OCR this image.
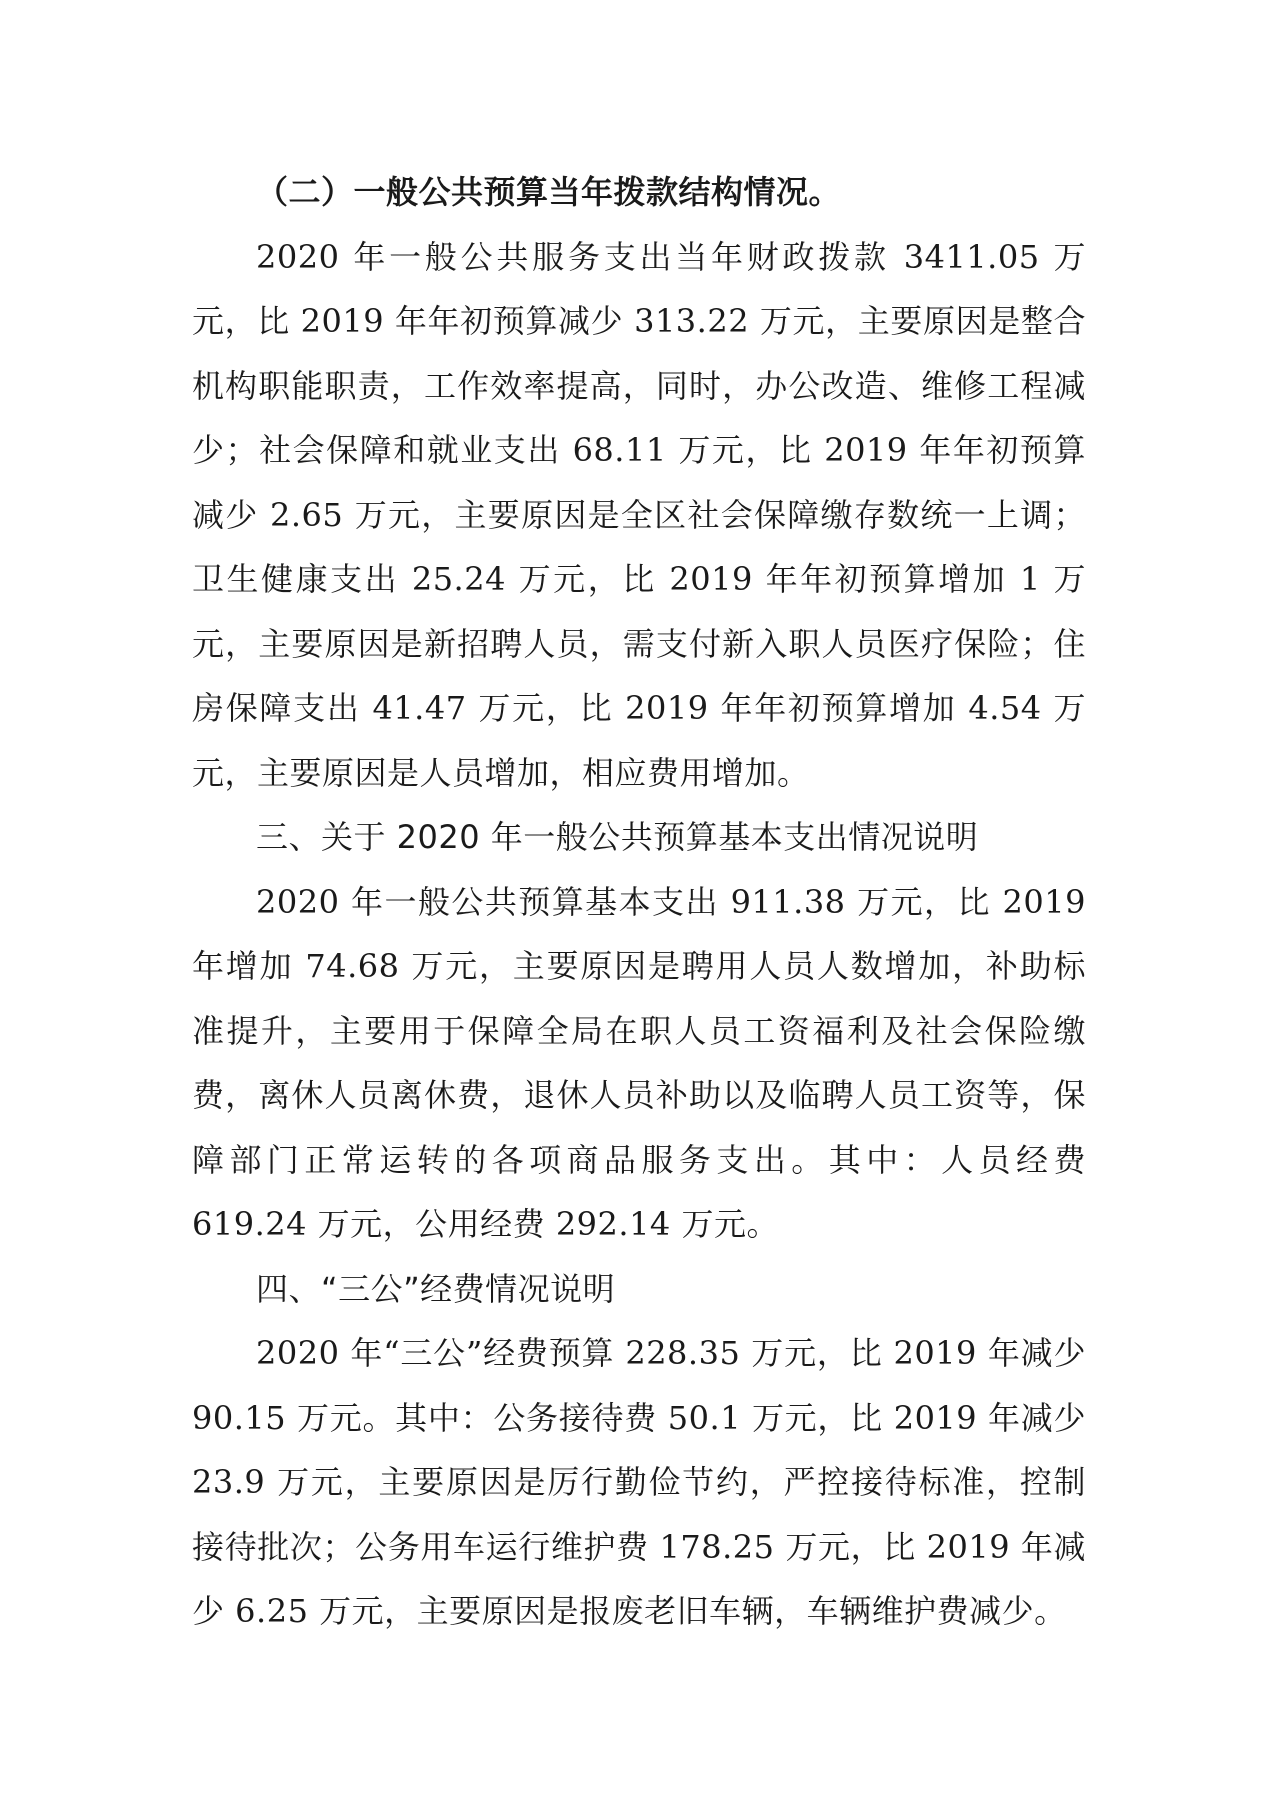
（二）一般公共预算当年拨款结构情况。

2020 年一般公共服务支出当年财政拨款 3411.05 万元，比 2019 年年初预算减少 313.22 万元，主要原因是整合机构职能职责，工作效率提高，同时，办公改造、维修工程减少；社会保障和就业支出 68.11 万元，比 2019 年年初预算减少 2.65 万元，主要原因是全区社会保障缴存数统一上调；卫生健康支出 25.24 万元，比 2019 年年初预算增加 1 万元，主要原因是新招聘人员，需支付新入职人员医疗保险；住房保障支出 41.47 万元，比 2019 年年初预算增加 4.54 万元，主要原因是人员增加，相应费用增加。

三、关于 2020 年一般公共预算基本支出情况说明

2020 年一般公共预算基本支出 911.38 万元，比 2019 年增加 74.68 万元，主要原因是聘用人员人数增加，补助标准提升，主要用于保障全局在职人员工资福利及社会保险缴费，离休人员离休费，退休人员补助以及临聘人员工资等，保障部门正常运转的各项商品服务支出。其中：人员经费 619.24 万元，公用经费 292.14 万元。

四、“三公”经费情况说明

2020 年“三公”经费预算 228.35 万元，比 2019 年减少 90.15 万元。其中：公务接待费 50.1 万元，比 2019 年减少 23.9 万元，主要原因是厉行勤俭节约，严控接待标准，控制接待批次；公务用车运行维护费 178.25 万元，比 2019 年减少 6.25 万元，主要原因是报废老旧车辆，车辆维护费减少。
